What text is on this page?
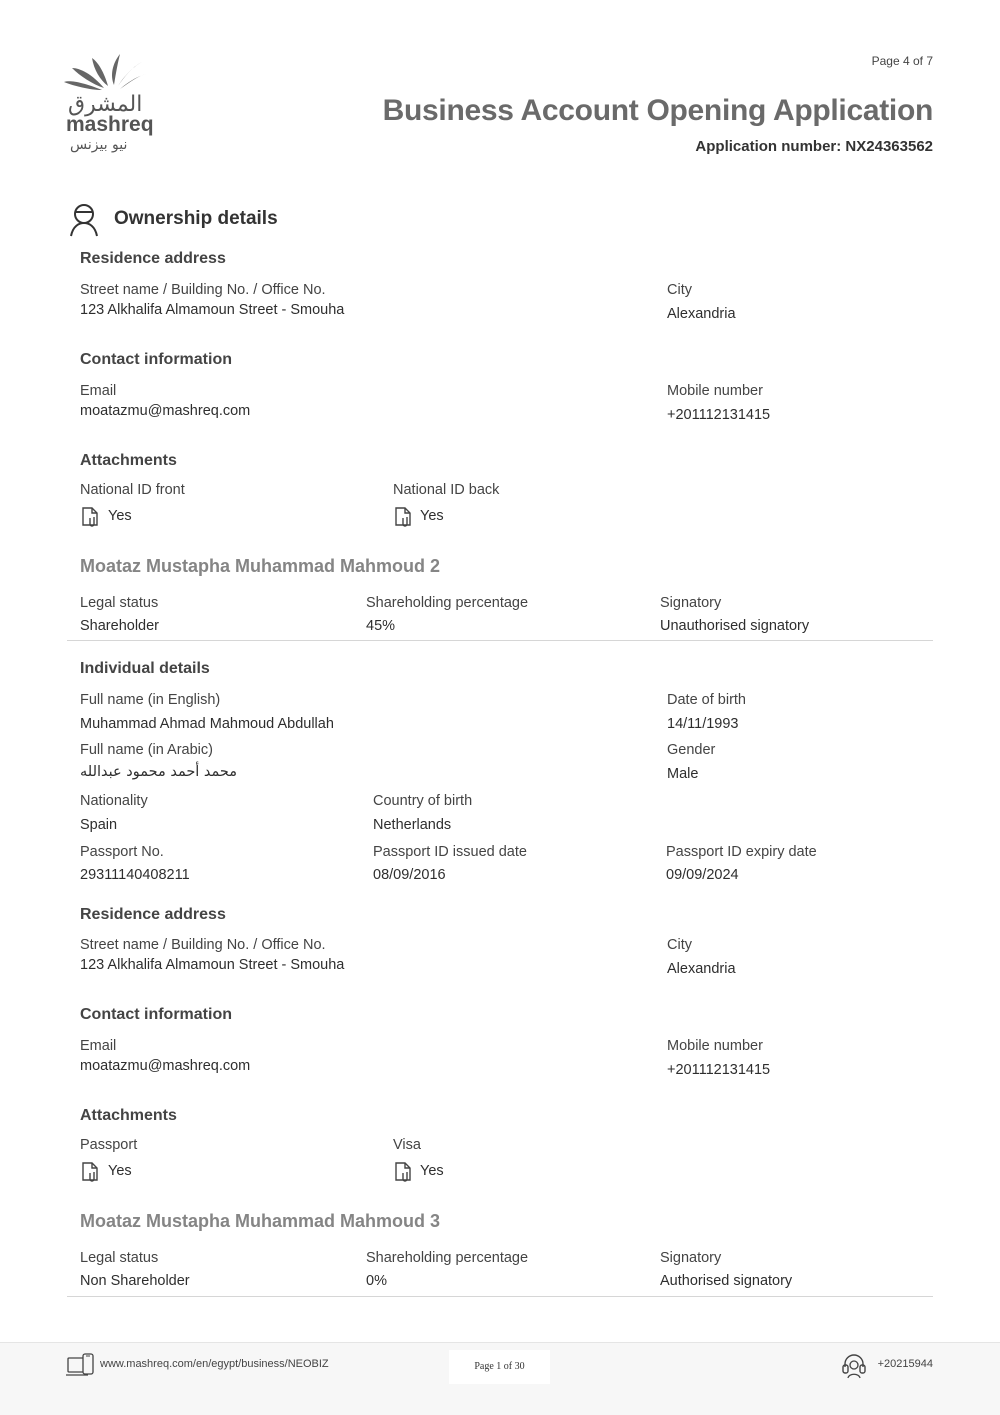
المشرق
mashreq
نيو بيزنس
Page 4 of 7
Business Account Opening Application
Application number: NX24363562
Ownership details
Residence address
Street name / Building No. / Office No.
123 Alkhalifa Almamoun Street - Smouha
City
Alexandria
Contact information
Email
moatazmu@mashreq.com
Mobile number
+201112131415
Attachments
National ID front
Yes
National ID back
Yes
Moataz Mustapha Muhammad Mahmoud 2
Legal status
Shareholder
Shareholding percentage
45%
Signatory
Unauthorised signatory
Individual details
Full name (in English)
Muhammad Ahmad Mahmoud Abdullah
Date of birth
14/11/1993
Full name (in Arabic)
محمد أحمد محمود عبدالله
Gender
Male
Nationality
Spain
Country of birth
Netherlands
Passport No.
29311140408211
Passport ID issued date
08/09/2016
Passport ID expiry date
09/09/2024
Residence address
Street name / Building No. / Office No.
123 Alkhalifa Almamoun Street - Smouha
City
Alexandria
Contact information
Email
moatazmu@mashreq.com
Mobile number
+201112131415
Attachments
Passport
Yes
Visa
Yes
Moataz Mustapha Muhammad Mahmoud 3
Legal status
Non Shareholder
Shareholding percentage
0%
Signatory
Authorised signatory
www.mashreq.com/en/egypt/business/NEOBIZ	Page 1 of 30	+20215944
